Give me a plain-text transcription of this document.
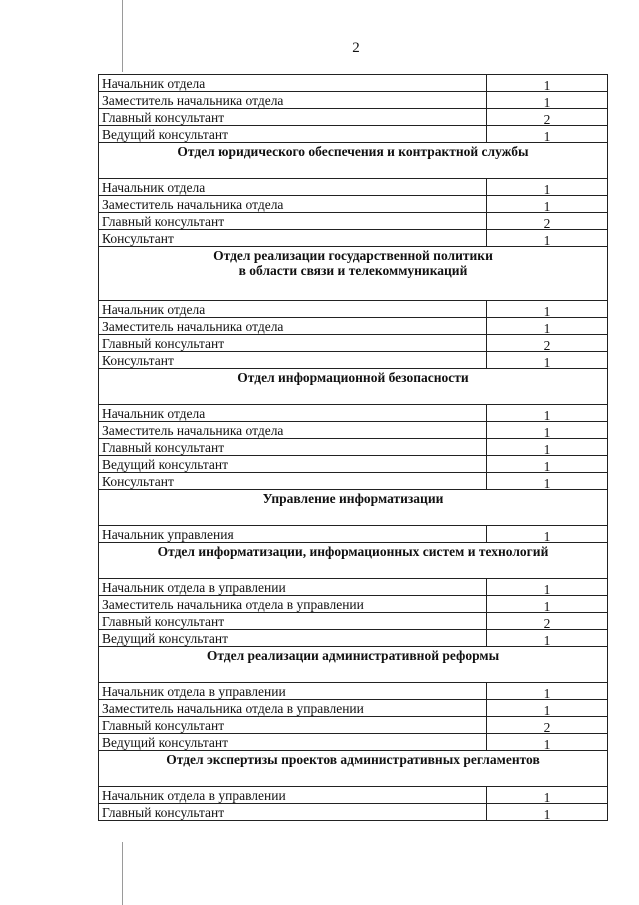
2
Начальник отдела	1
Заместитель начальника отдела	1
Главный консультант	2
Ведущий консультант	1
Отдел юридического обеспечения и контрактной службы	
Начальник отдела	1
Заместитель начальника отдела	1
Главный консультант	2
Консультант	1

Отдел реализации государственной политики
в области связи и телекоммуникаций	

Начальник отдела	1
Заместитель начальника отдела	1
Главный консультант	2
Консультант	1
Отдел информационной безопасности	
Начальник отдела	1
Заместитель начальника отдела	1
Главный консультант	1
Ведущий консультант	1
Консультант	1
Управление информатизации	
Начальник управления	1
Отдел информатизации, информационных систем и технологий	
Начальник отдела в управлении	1
Заместитель начальника отдела в управлении	1
Главный консультант	2
Ведущий консультант	1
Отдел реализации административной реформы	
Начальник отдела в управлении	1
Заместитель начальника отдела в управлении	1
Главный консультант	2
Ведущий консультант	1
Отдел экспертизы проектов административных регламентов	
Начальник отдела в управлении	1
Главный консультант	1
